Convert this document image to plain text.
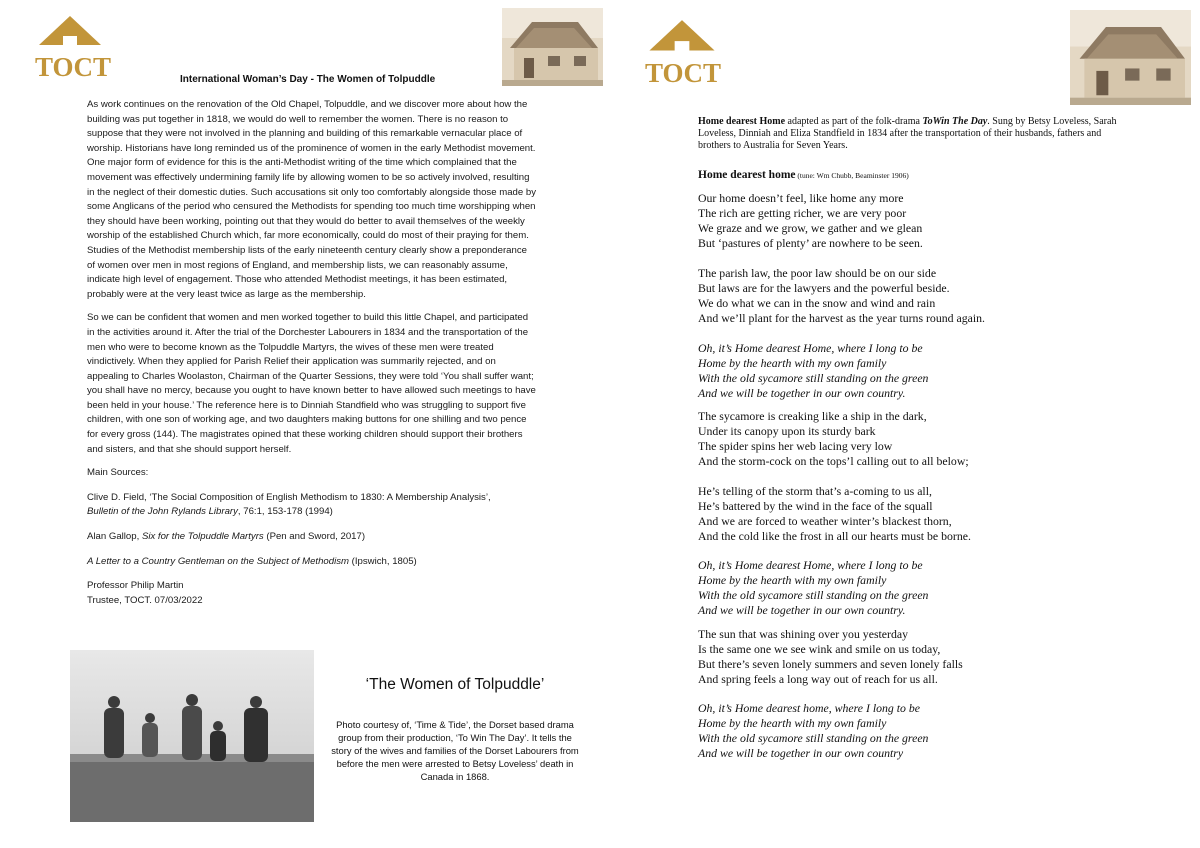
TOCT	International Woman’s Day - The Women of Tolpuddle

As work continues on the renovation of the Old Chapel, Tolpuddle, and we discover more about how the building was put together in 1818, we would do well to remember the women. There is no reason to suppose that they were not involved in the planning and building of this remarkable vernacular place of worship. Historians have long reminded us of the prominence of women in the early Methodist movement. One major form of evidence for this is the anti-Methodist writing of the time which complained that the movement was effectively undermining family life by allowing women to be so actively involved, resulting in the neglect of their domestic duties. Such accusations sit only too comfortably alongside those made by some Anglicans of the period who censured the Methodists for spending too much time worshipping when they should have been working, pointing out that they would do better to avail themselves of the weekly worship of the established Church which, far more economically, could do most of their praying for them. Studies of the Methodist membership lists of the early nineteenth century clearly show a preponderance of women over men in most regions of England, and membership lists, we can reasonably assume, indicate high level of engagement. Those who attended Methodist meetings, it has been estimated, probably were at the very least twice as large as the membership.

So we can be confident that women and men worked together to build this little Chapel, and participated in the activities around it. After the trial of the Dorchester Labourers in 1834 and the transportation of the men who were to become known as the Tolpuddle Martyrs, the wives of these men were treated vindictively. When they applied for Parish Relief their application was summarily rejected, and on appealing to Charles Woolaston, Chairman of the Quarter Sessions, they were told ‘You shall suffer want; you shall have no mercy, because you ought to have known better to have allowed such meetings to have been held in your house.’ The reference here is to Dinniah Standfield who was struggling to support five children, with one son of working age, and two daughters making buttons for one shilling and two pence for every gross (144). The magistrates opined that these working children should support their brothers and sisters, and that she should support herself.

Main Sources:

Clive D. Field, ‘The Social Composition of English Methodism to 1830: A Membership Analysis’,
Bulletin of the John Rylands Library, 76:1, 153-178 (1994)

Alan Gallop, Six for the Tolpuddle Martyrs (Pen and Sword, 2017)

A Letter to a Country Gentleman on the Subject of Methodism (Ipswich, 1805)

Professor Philip Martin

Trustee, TOCT. 07/03/2022

‘The Women of Tolpuddle’
Photo courtesy of, ‘Time & Tide’, the Dorset based drama group from their production, ‘To Win The Day’. It tells the story of the wives and families of the Dorset Labourers from before the men were arrested to Betsy Loveless’ death in Canada in 1868.
TOCT
Home dearest Home adapted as part of the folk-drama ToWin The Day. Sung by Betsy Loveless, Sarah Loveless, Dinniah and Eliza Standfield in 1834 after the transportation of their husbands, fathers and brothers to Australia for Seven Years.
Home dearest home (tune: Wm Chubb, Beaminster 1906)
Our home doesn’t feel, like home any more
The rich are getting richer, we are very poor
We graze and we grow, we gather and we glean
But ‘pastures of plenty’ are nowhere to be seen.
The parish law, the poor law should be on our side
But laws are for the lawyers and the powerful beside.
We do what we can in the snow and wind and rain
And we’ll plant for the harvest as the year turns round again.
Oh, it’s Home dearest Home, where I long to be
Home by the hearth with my own family
With the old sycamore still standing on the green
And we will be together in our own country.
The sycamore is creaking like a ship in the dark,
Under its canopy upon its sturdy bark
The spider spins her web lacing very low
And the storm-cock on the tops’l calling out to all below;
He’s telling of the storm that’s a-coming to us all,
He’s battered by the wind in the face of the squall
And we are forced to weather winter’s blackest thorn,
And the cold like the frost in all our hearts must be borne.
Oh, it’s Home dearest Home, where I long to be
Home by the hearth with my own family
With the old sycamore still standing on the green
And we will be together in our own country.
The sun that was shining over you yesterday
Is the same one we see wink and smile on us today,
But there’s seven lonely summers and seven lonely falls
And spring feels a long way out of reach for us all.
Oh, it’s Home dearest home, where I long to be
Home by the hearth with my own family
With the old sycamore still standing on the green
And we will be together in our own country
